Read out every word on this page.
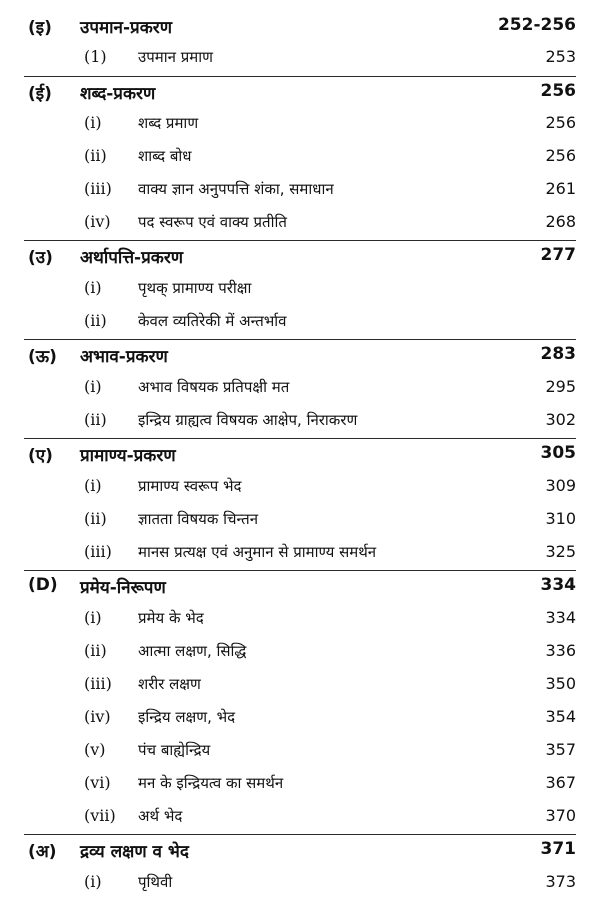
(इ) उपमान-प्रकरण	252-256
(1) उपमान प्रमाण	253
(ई) शब्द-प्रकरण	256
(i) शब्द प्रमाण	256
(ii) शाब्द बोध	256
(iii) वाक्य ज्ञान अनुपपत्ति शंका, समाधान	261
(iv) पद स्वरूप एवं वाक्य प्रतीति	268
(उ) अर्थापत्ति-प्रकरण	277
(i) पृथक् प्रामाण्य परीक्षा
(ii) केवल व्यतिरेकी में अन्तर्भाव
(ऊ) अभाव-प्रकरण	283
(i) अभाव विषयक प्रतिपक्षी मत	295
(ii) इन्द्रिय ग्राह्यत्व विषयक आक्षेप, निराकरण	302
(ए) प्रामाण्य-प्रकरण	305
(i) प्रामाण्य स्वरूप भेद	309
(ii) ज्ञातता विषयक चिन्तन	310
(iii) मानस प्रत्यक्ष एवं अनुमान से प्रामाण्य समर्थन	325
(D) प्रमेय-निरूपण	334
(i) प्रमेय के भेद	334
(ii) आत्मा लक्षण, सिद्धि	336
(iii) शरीर लक्षण	350
(iv) इन्द्रिय लक्षण, भेद	354
(v) पंच बाह्येन्द्रिय	357
(vi) मन के इन्द्रियत्व का समर्थन	367
(vii) अर्थ भेद	370
(अ) द्रव्य लक्षण व भेद	371
(i) पृथिवी	373
